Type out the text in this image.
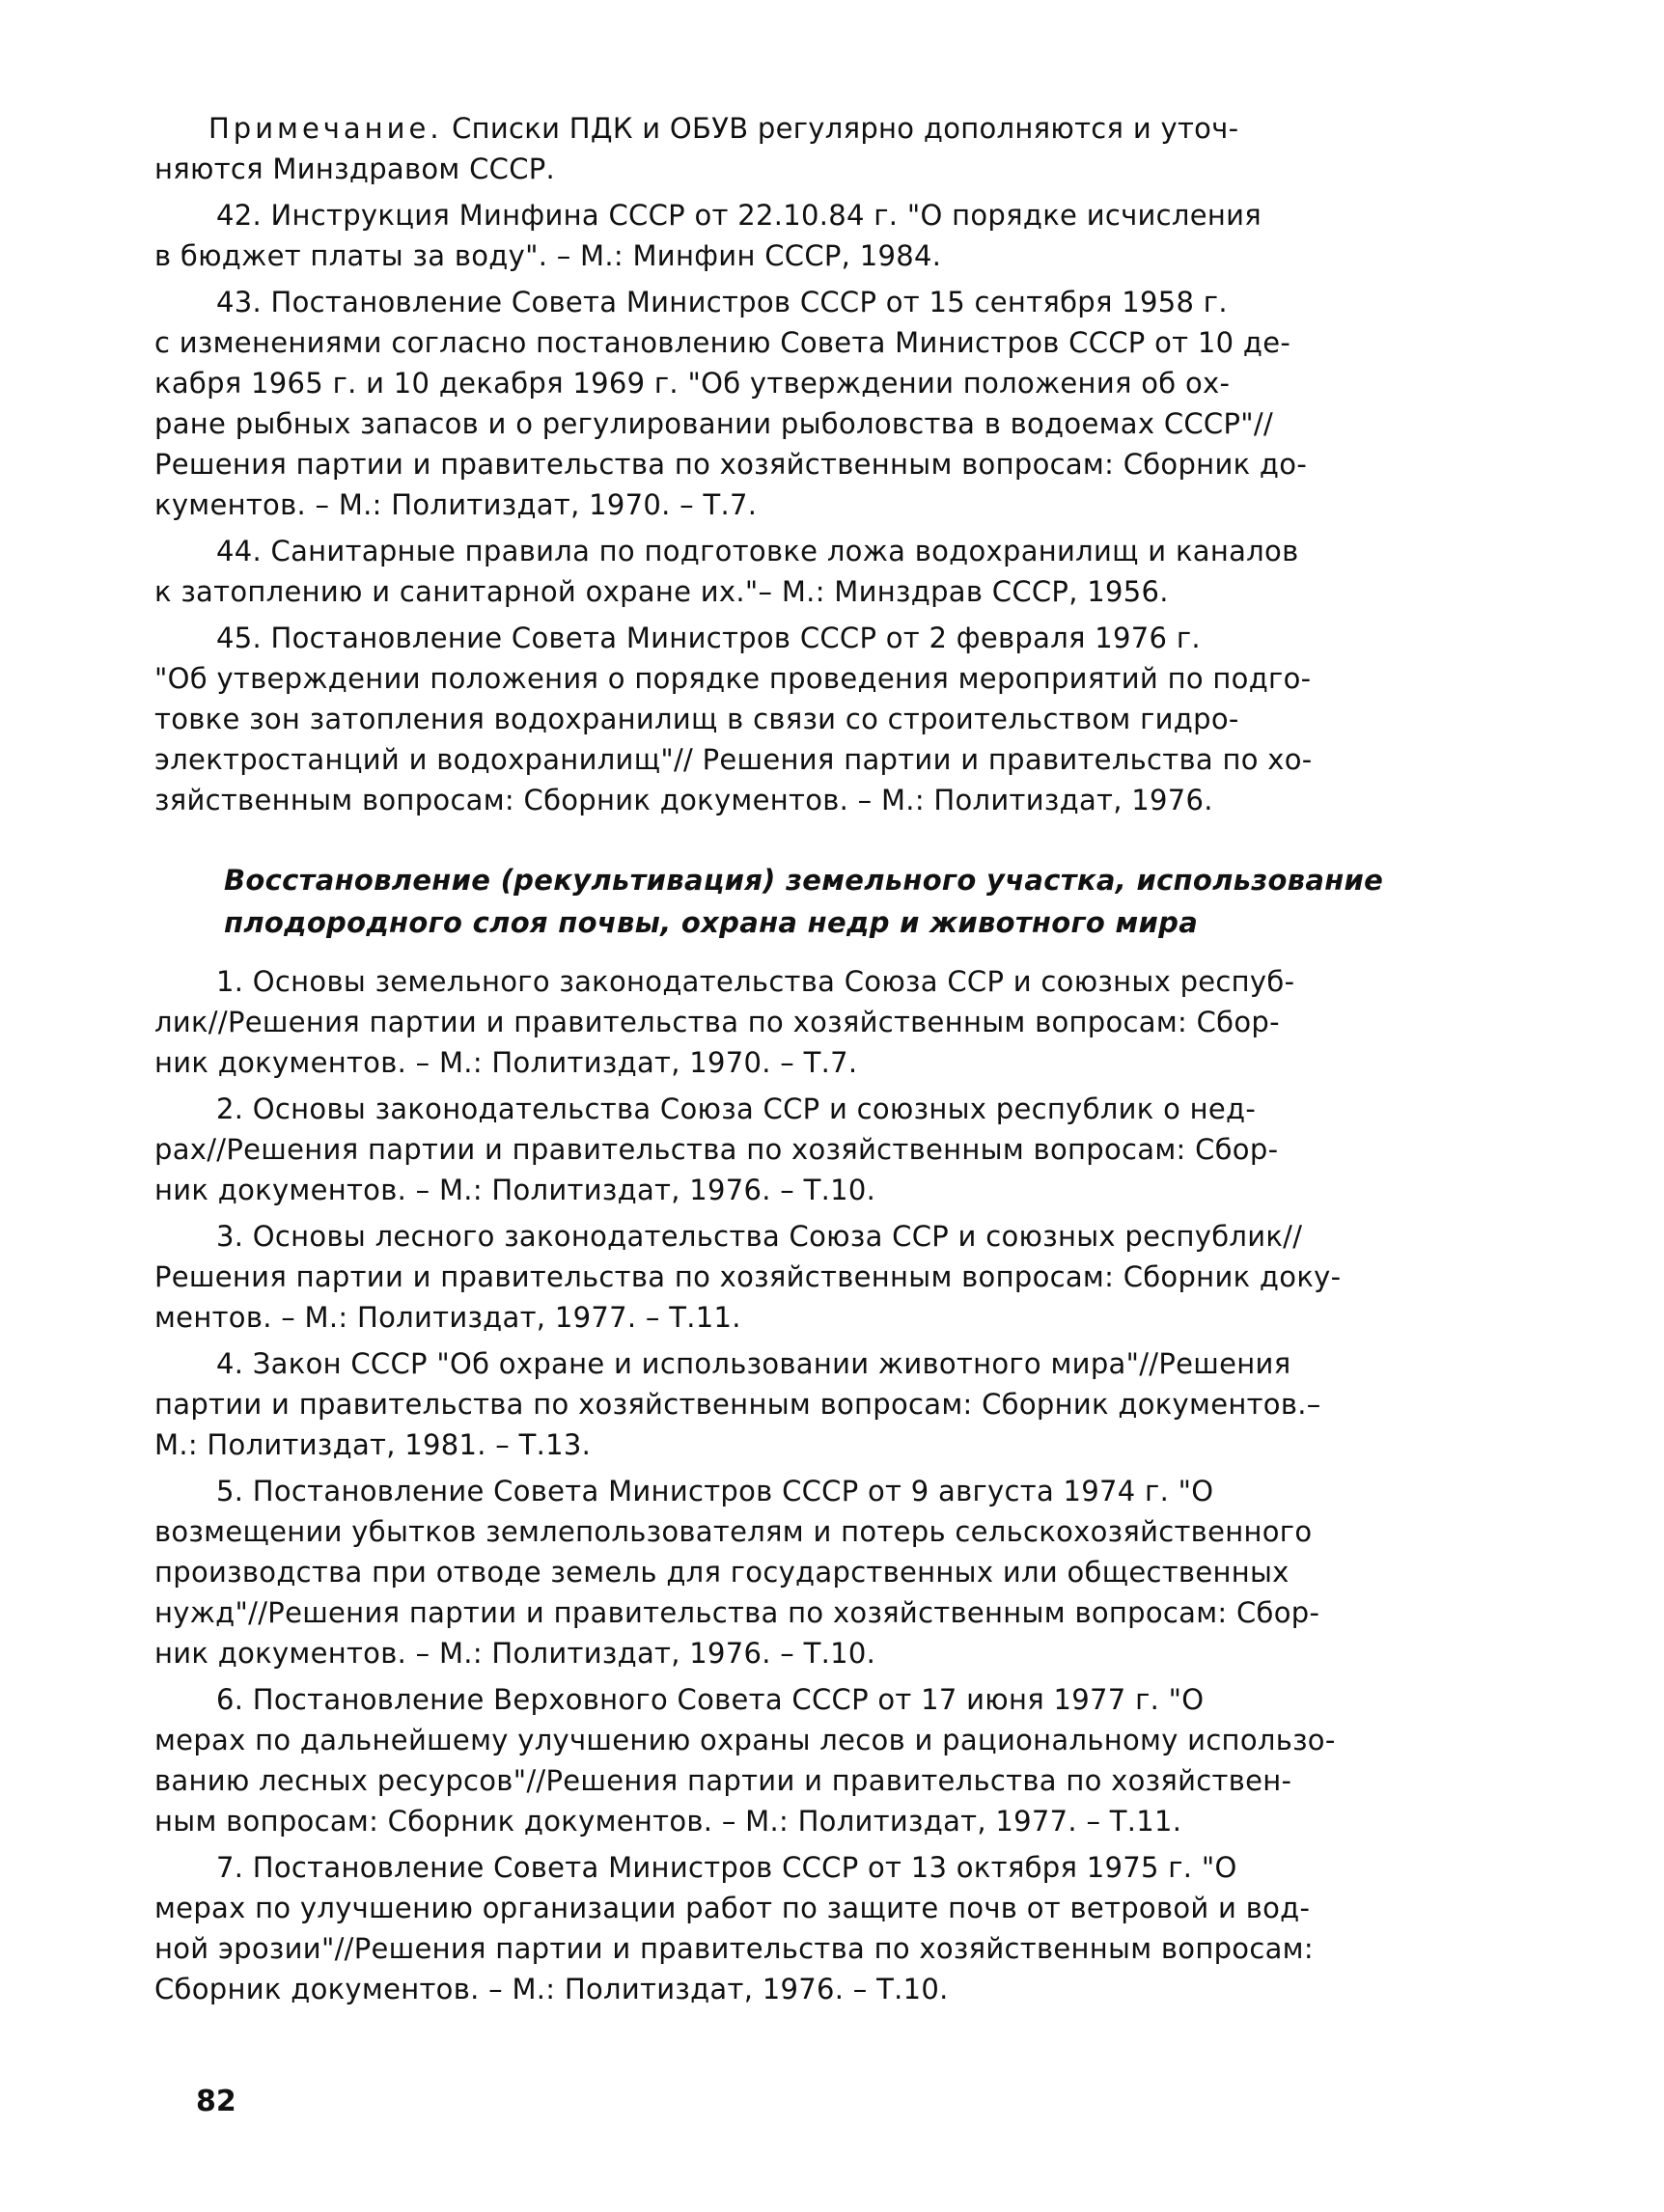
Примечание. Списки ПДК и ОБУВ регулярно дополняются и уточ-
няются Минздравом СССР.

42. Инструкция Минфина СССР от 22.10.84 г. "О порядке исчисления
в бюджет платы за воду". – М.: Минфин СССР, 1984.

43. Постановление Совета Министров СССР от 15 сентября 1958 г.
с изменениями согласно постановлению Совета Министров СССР от 10 де-
кабря 1965 г. и 10 декабря 1969 г. "Об утверждении положения об ох-
ране рыбных запасов и о регулировании рыболовства в водоемах СССР"//
Решения партии и правительства по хозяйственным вопросам: Сборник до-
кументов. – М.: Политиздат, 1970. – Т.7.

44. Санитарные правила по подготовке ложа водохранилищ и каналов
к затоплению и санитарной охране их."– М.: Минздрав СССР, 1956.

45. Постановление Совета Министров СССР от 2 февраля 1976 г.
"Об утверждении положения о порядке проведения мероприятий по подго-
товке зон затопления водохранилищ в связи со строительством гидро-
электростанций и водохранилищ"// Решения партии и правительства по хо-
зяйственным вопросам: Сборник документов. – М.: Политиздат, 1976.

Восстановление (рекультивация) земельного участка, использование
плодородного слоя почвы, охрана недр и животного мира

1. Основы земельного законодательства Союза ССР и союзных респуб-
лик//Решения партии и правительства по хозяйственным вопросам: Сбор-
ник документов. – М.: Политиздат, 1970. – Т.7.

2. Основы законодательства Союза ССР и союзных республик о нед-
рах//Решения партии и правительства по хозяйственным вопросам: Сбор-
ник документов. – М.: Политиздат, 1976. – Т.10.

3. Основы лесного законодательства Союза ССР и союзных республик//
Решения партии и правительства по хозяйственным вопросам: Сборник доку-
ментов. – М.: Политиздат, 1977. – Т.11.

4. Закон СССР "Об охране и использовании животного мира"//Решения
партии и правительства по хозяйственным вопросам: Сборник документов.–
М.: Политиздат, 1981. – Т.13.

5. Постановление Совета Министров СССР от 9 августа 1974 г. "О
возмещении убытков землепользователям и потерь сельскохозяйственного
производства при отводе земель для государственных или общественных
нужд"//Решения партии и правительства по хозяйственным вопросам: Сбор-
ник документов. – М.: Политиздат, 1976. – Т.10.

6. Постановление Верховного Совета СССР от 17 июня 1977 г. "О
мерах по дальнейшему улучшению охраны лесов и рациональному использо-
ванию лесных ресурсов"//Решения партии и правительства по хозяйствен-
ным вопросам: Сборник документов. – М.: Политиздат, 1977. – Т.11.

7. Постановление Совета Министров СССР от 13 октября 1975 г. "О
мерах по улучшению организации работ по защите почв от ветровой и вод-
ной эрозии"//Решения партии и правительства по хозяйственным вопросам:
Сборник документов. – М.: Политиздат, 1976. – Т.10.

82
